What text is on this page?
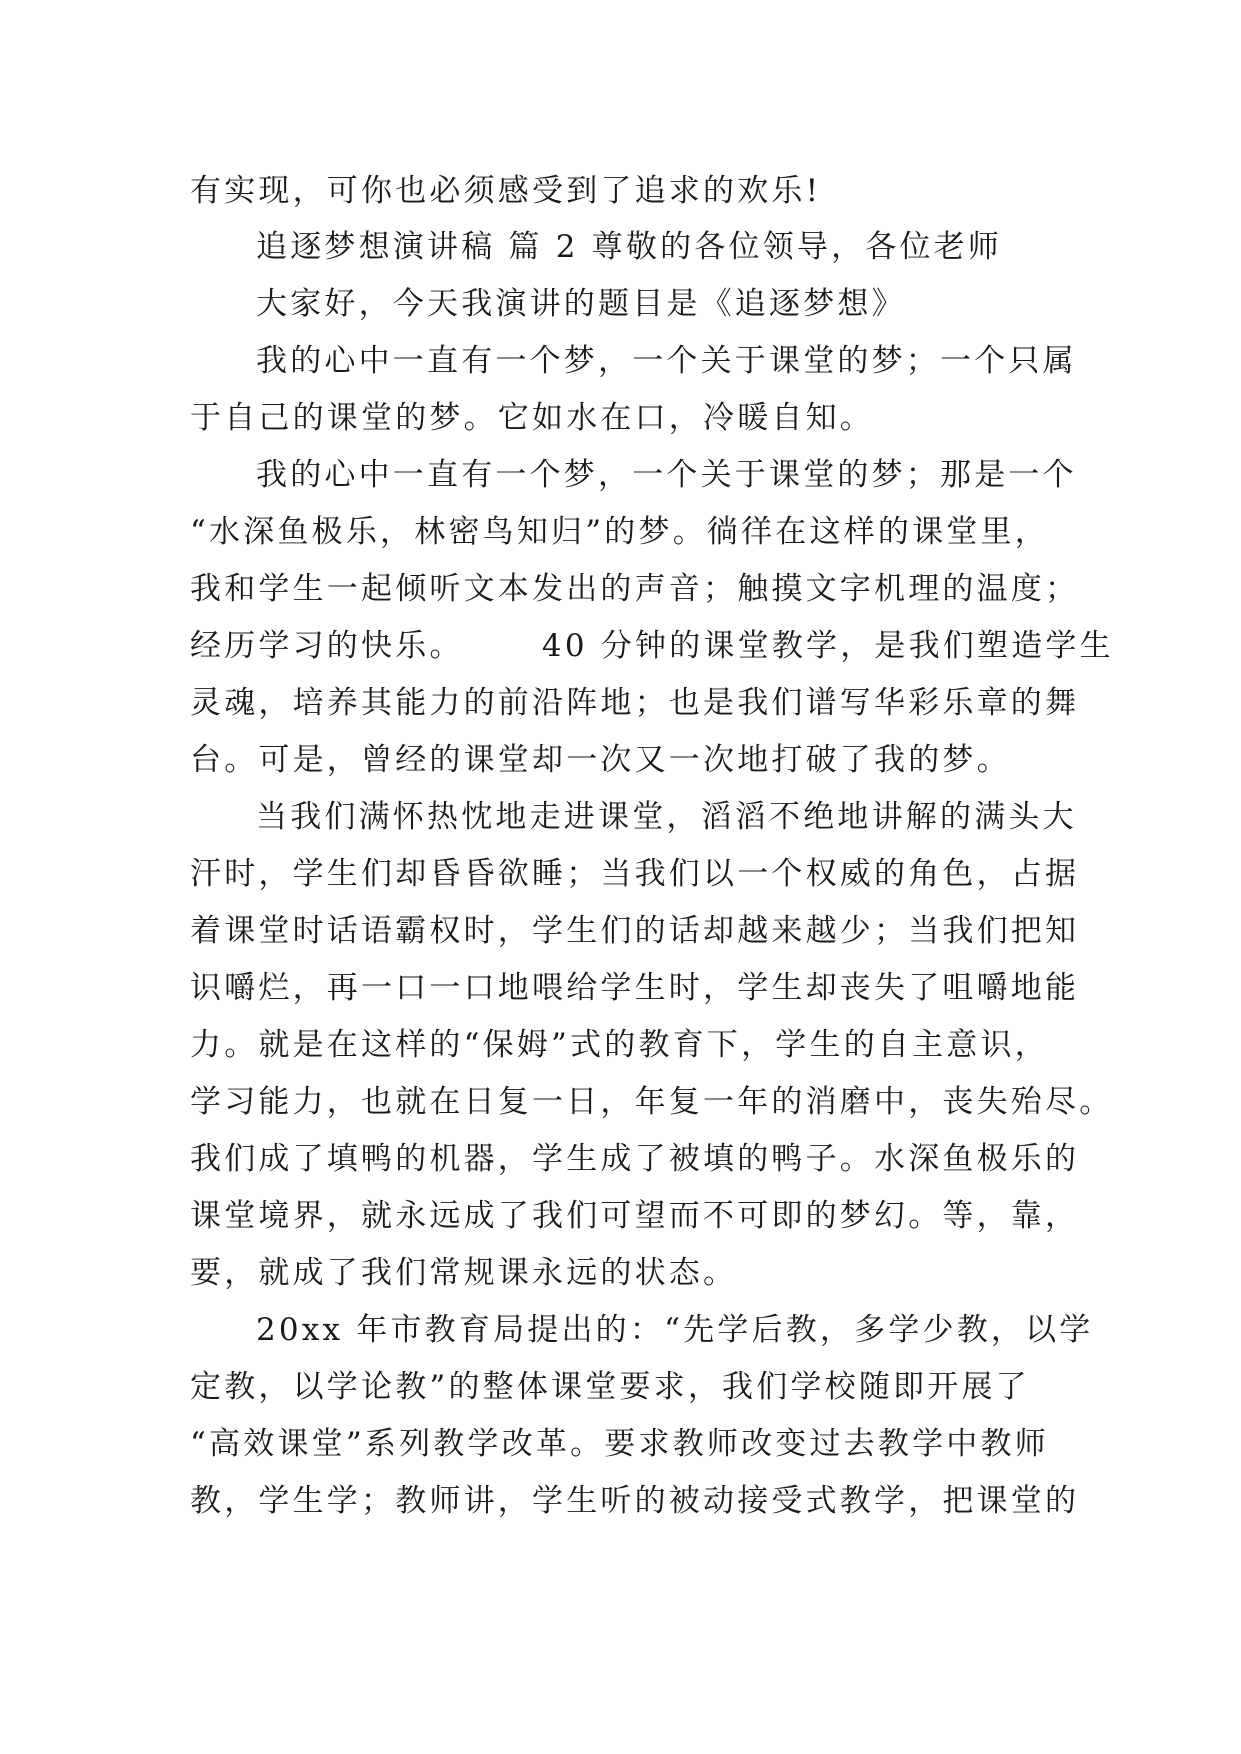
有实现，可你也必须感受到了追求的欢乐!
追逐梦想演讲稿 篇 2 尊敬的各位领导，各位老师
大家好，今天我演讲的题目是《追逐梦想》
我的心中一直有一个梦，一个关于课堂的梦；一个只属
于自己的课堂的梦。它如水在口，冷暖自知。
我的心中一直有一个梦，一个关于课堂的梦；那是一个
“水深鱼极乐，林密鸟知归”的梦。徜徉在这样的课堂里，
我和学生一起倾听文本发出的声音；触摸文字机理的温度；
经历学习的快乐。      40 分钟的课堂教学，是我们塑造学生
灵魂，培养其能力的前沿阵地；也是我们谱写华彩乐章的舞
台。可是，曾经的课堂却一次又一次地打破了我的梦。
当我们满怀热忱地走进课堂，滔滔不绝地讲解的满头大
汗时，学生们却昏昏欲睡；当我们以一个权威的角色，占据
着课堂时话语霸权时，学生们的话却越来越少；当我们把知
识嚼烂，再一口一口地喂给学生时，学生却丧失了咀嚼地能
力。就是在这样的“保姆”式的教育下，学生的自主意识，
学习能力，也就在日复一日，年复一年的消磨中，丧失殆尽。
我们成了填鸭的机器，学生成了被填的鸭子。水深鱼极乐的
课堂境界，就永远成了我们可望而不可即的梦幻。等，靠，
要，就成了我们常规课永远的状态。
20xx 年市教育局提出的：“先学后教，多学少教，以学
定教，以学论教”的整体课堂要求，我们学校随即开展了
“高效课堂”系列教学改革。要求教师改变过去教学中教师
教，学生学；教师讲，学生听的被动接受式教学，把课堂的
